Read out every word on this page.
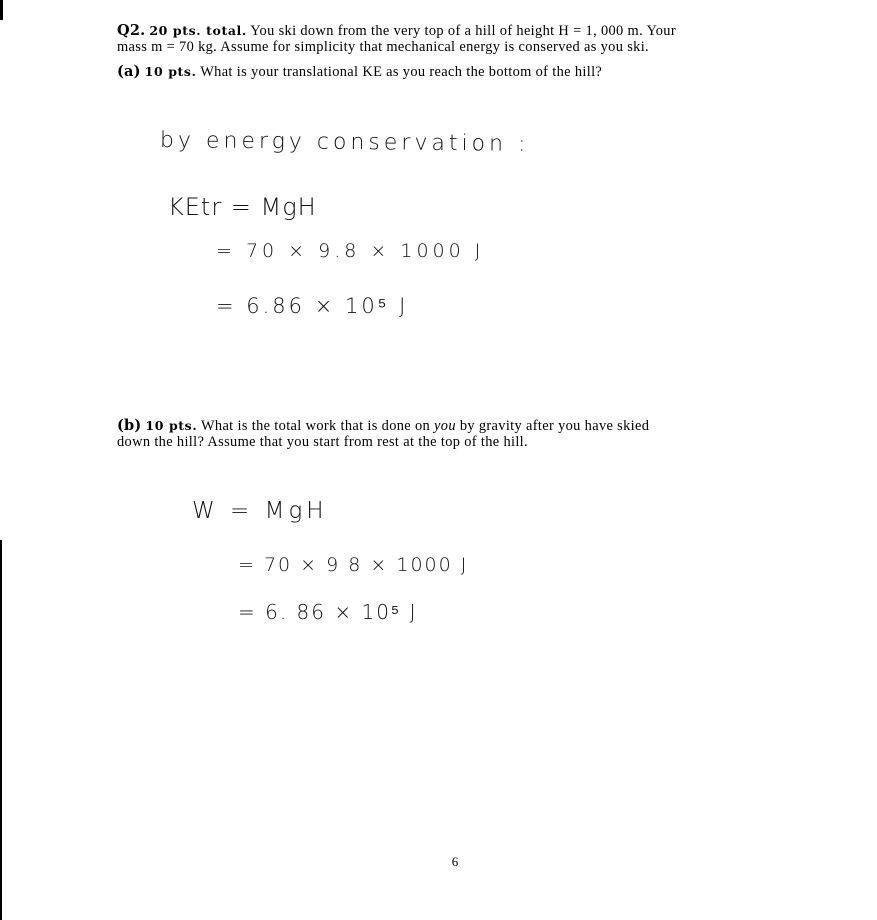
Q2. 20 pts. total. You ski down from the very top of a hill of height H = 1, 000 m. Your
mass m = 70 kg. Assume for simplicity that mechanical energy is conserved as you ski.
(a) 10 pts. What is your translational KE as you reach the bottom of the hill?
by energy conservation :
KEtr = MgH
= 70 × 9.8 × 1000 J
= 6.86 × 10⁵ J
(b) 10 pts. What is the total work that is done on you by gravity after you have skied
down the hill? Assume that you start from rest at the top of the hill.
W = MgH
= 70 × 9 8 × 1000 J
= 6. 86 × 10⁵ J
6
